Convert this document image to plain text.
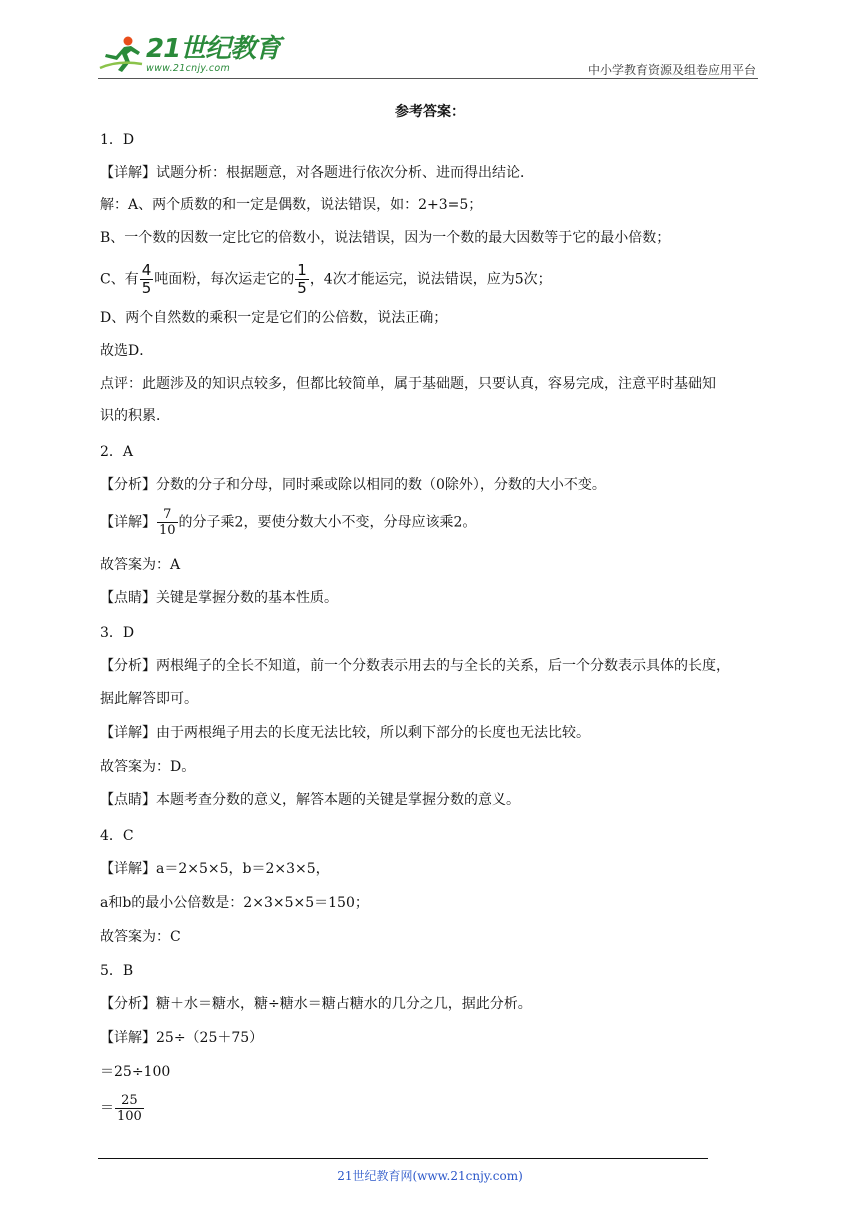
21世纪教育
www.21cnjy.com	中小学教育资源及组卷应用平台
参考答案：
1．D
【详解】试题分析：根据题意，对各题进行依次分析、进而得出结论．
解：A、两个质数的和一定是偶数，说法错误，如：2+3=5；
B、一个数的因数一定比它的倍数小，说法错误，因为一个数的最大因数等于它的最小倍数；
C、有 $\frac{4}{5}$ 吨面粉，每次运走它的 $\frac{1}{5}$ ，4次才能运完，说法错误，应为5次；
D、两个自然数的乘积一定是它们的公倍数，说法正确；
故选D．
点评：此题涉及的知识点较多，但都比较简单，属于基础题，只要认真，容易完成，注意平时基础知
识的积累．
2．A
【分析】分数的分子和分母，同时乘或除以相同的数（0除外），分数的大小不变。
【详解】 $\frac{7}{10}$ 的分子乘2，要使分数大小不变，分母应该乘2。
故答案为：A
【点睛】关键是掌握分数的基本性质。
3．D
【分析】两根绳子的全长不知道，前一个分数表示用去的与全长的关系，后一个分数表示具体的长度，
据此解答即可。
【详解】由于两根绳子用去的长度无法比较，所以剩下部分的长度也无法比较。
故答案为：D。
【点睛】本题考查分数的意义，解答本题的关键是掌握分数的意义。
4．C
【详解】a＝2×5×5，b＝2×3×5，
a和b的最小公倍数是：2×3×5×5＝150；
故答案为：C
5．B
【分析】糖＋水＝糖水，糖÷糖水＝糖占糖水的几分之几，据此分析。
【详解】25÷（25＋75）
＝25÷100
＝ $\frac{25}{100}$
21世纪教育网(www.21cnjy.com)
